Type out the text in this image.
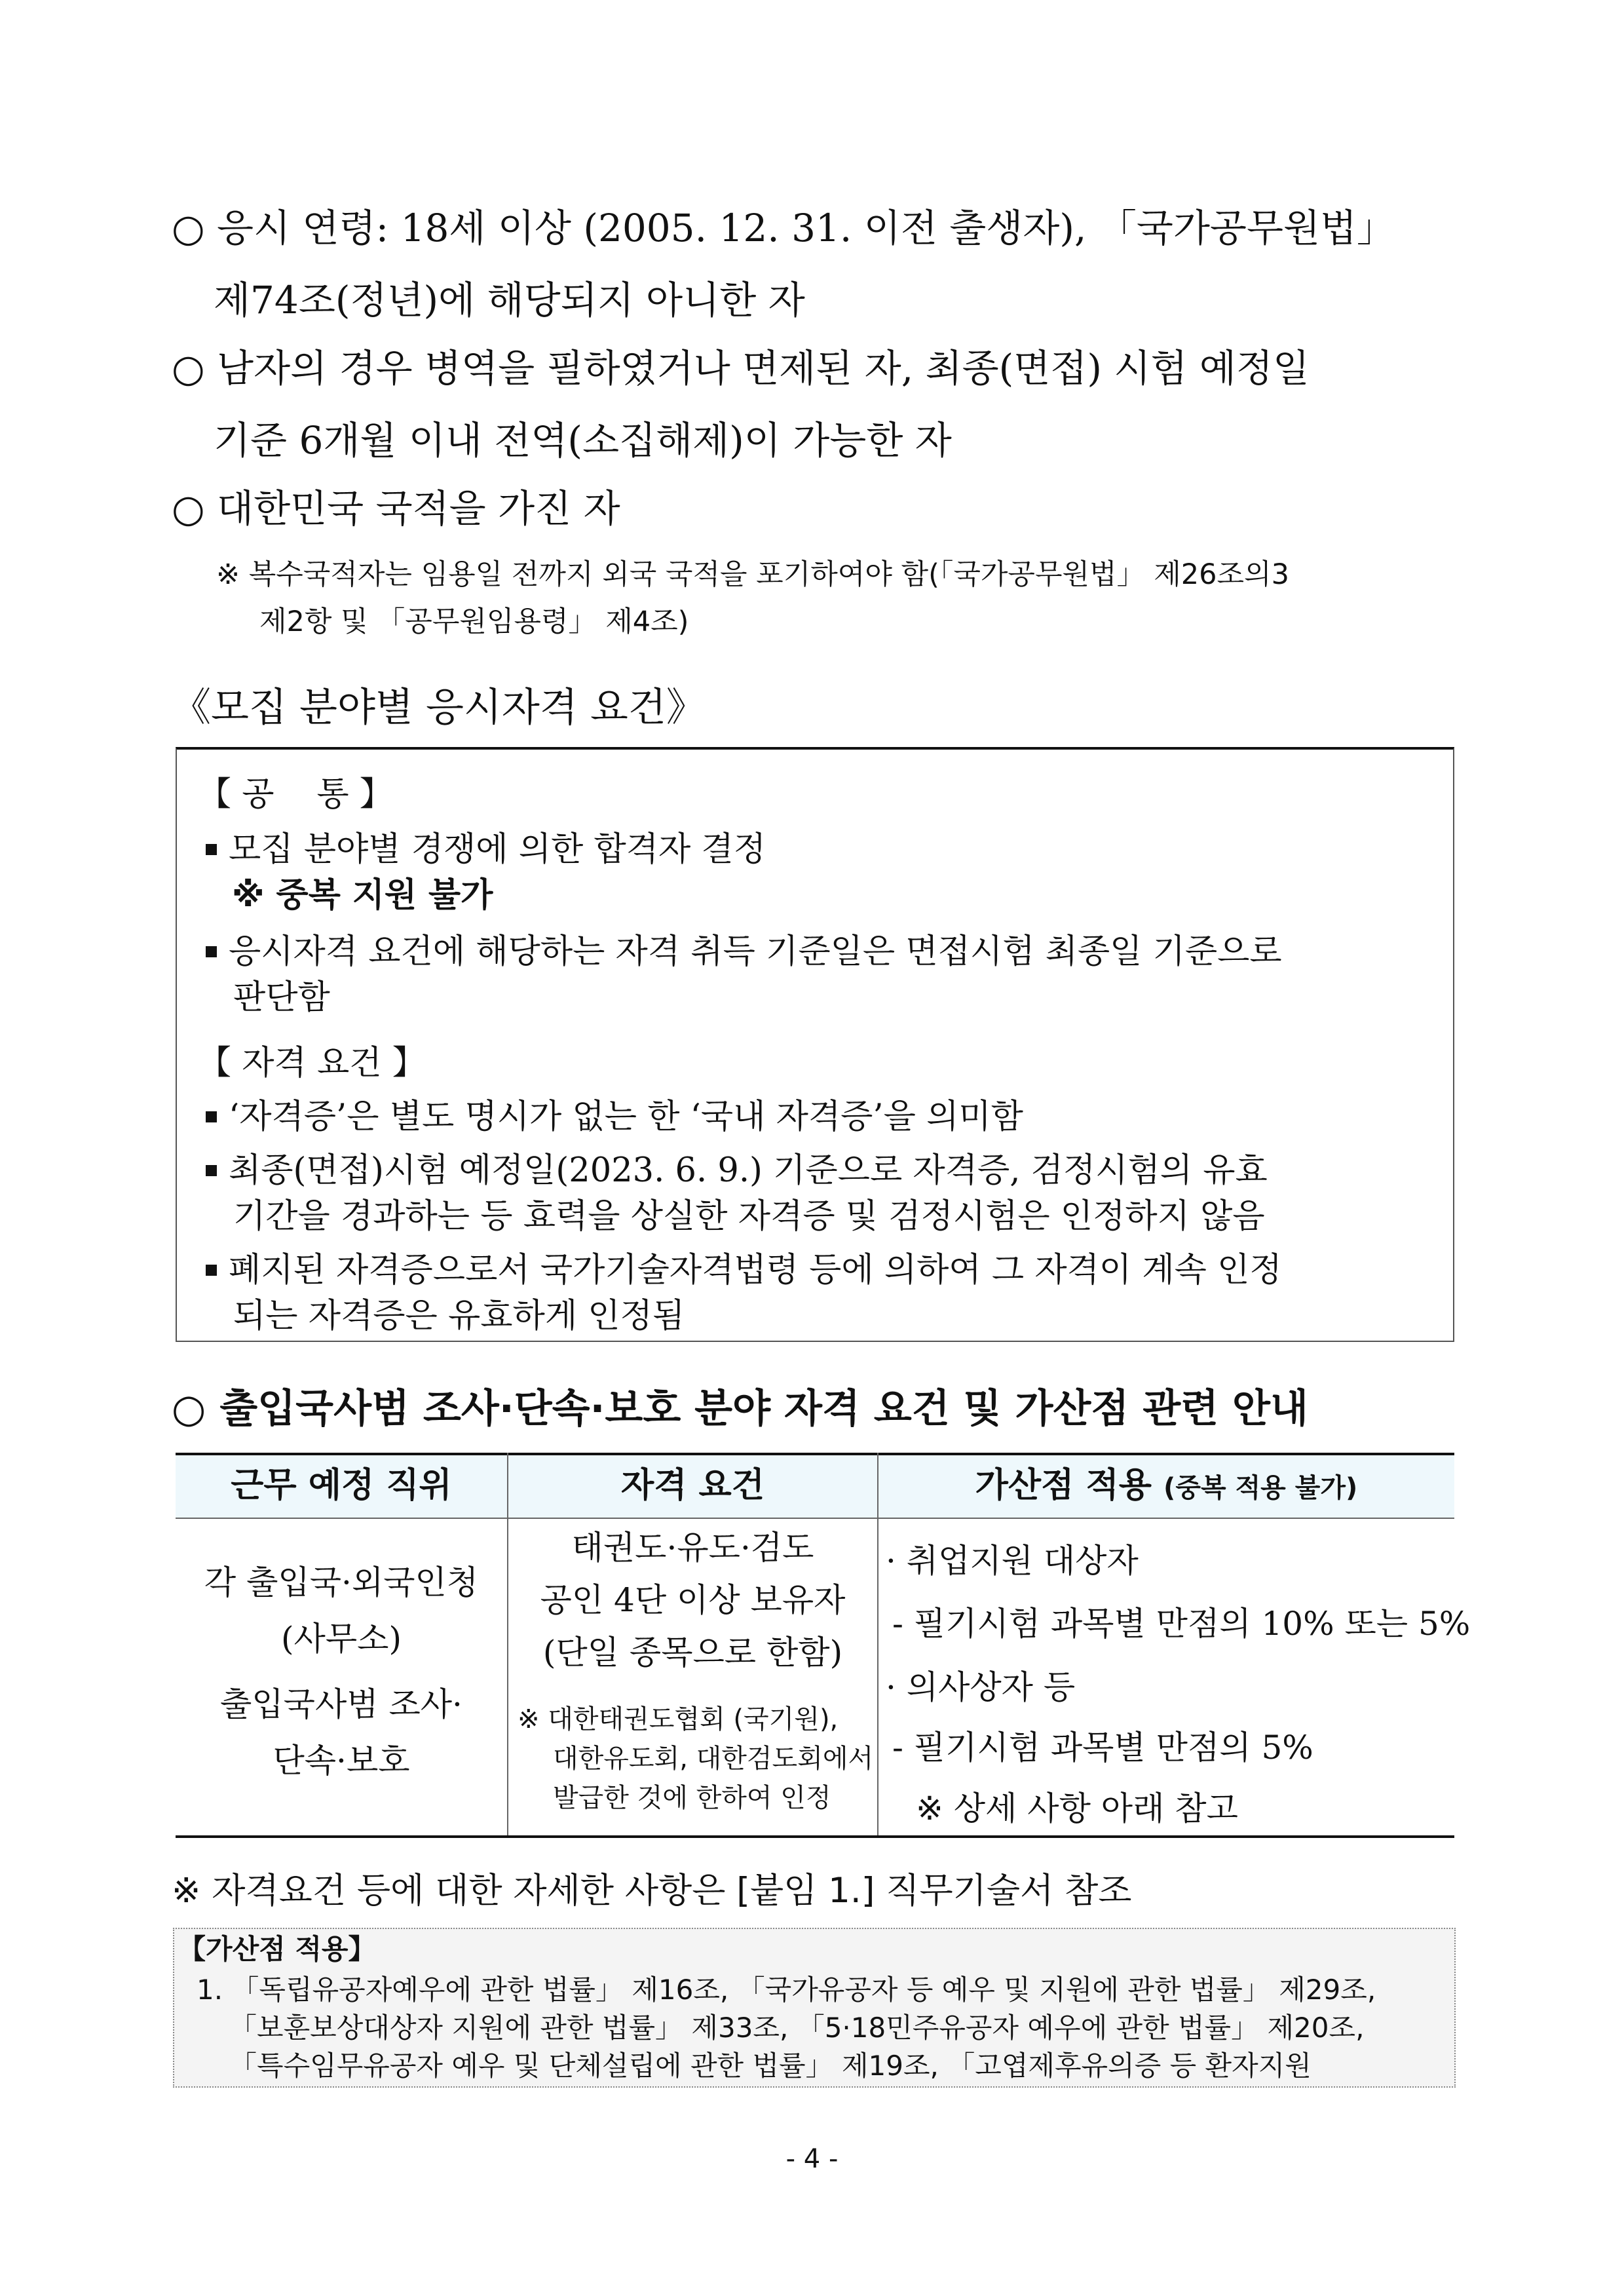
○ 응시 연령: 18세 이상 (2005. 12. 31. 이전 출생자), 「국가공무원법」
제74조(정년)에 해당되지 아니한 자
○ 남자의 경우 병역을 필하였거나 면제된 자, 최종(면접) 시험 예정일
기준 6개월 이내 전역(소집해제)이 가능한 자
○ 대한민국 국적을 가진 자
※ 복수국적자는 임용일 전까지 외국 국적을 포기하여야 함(「국가공무원법」 제26조의3
제2항 및 「공무원임용령」 제4조)
《모집 분야별 응시자격 요건》
【 공    통 】
모집 분야별 경쟁에 의한 합격자 결정
※ 중복 지원 불가
응시자격 요건에 해당하는 자격 취득 기준일은 면접시험 최종일 기준으로
판단함
【 자격 요건 】
‘자격증’은 별도 명시가 없는 한 ‘국내 자격증’을 의미함
최종(면접)시험 예정일(2023. 6. 9.) 기준으로 자격증, 검정시험의 유효
기간을 경과하는 등 효력을 상실한 자격증 및 검정시험은 인정하지 않음
폐지된 자격증으로서 국가기술자격법령 등에 의하여 그 자격이 계속 인정
되는 자격증은 유효하게 인정됨
○ 출입국사범 조사·단속·보호 분야 자격 요건 및 가산점 관련 안내
근무 예정 직위	자격 요건	가산점 적용 (중복 적용 불가)
각 출입국·외국인청
(사무소)
출입국사범 조사·
단속·보호
태권도·유도·검도
공인 4단 이상 보유자
(단일 종목으로 한함)
※ 대한태권도협회 (국기원),
대한유도회, 대한검도회에서
발급한 것에 한하여 인정
· 취업지원 대상자
- 필기시험 과목별 만점의 10% 또는 5%
· 의사상자 등
- 필기시험 과목별 만점의 5%
※ 상세 사항 아래 참고
※ 자격요건 등에 대한 자세한 사항은 [붙임 1.] 직무기술서 참조
【가산점 적용】
1. 「독립유공자예우에 관한 법률」 제16조, 「국가유공자 등 예우 및 지원에 관한 법률」 제29조,
「보훈보상대상자 지원에 관한 법률」 제33조, 「5·18민주유공자 예우에 관한 법률」 제20조,
「특수임무유공자 예우 및 단체설립에 관한 법률」 제19조, 「고엽제후유의증 등 환자지원
- 4 -
